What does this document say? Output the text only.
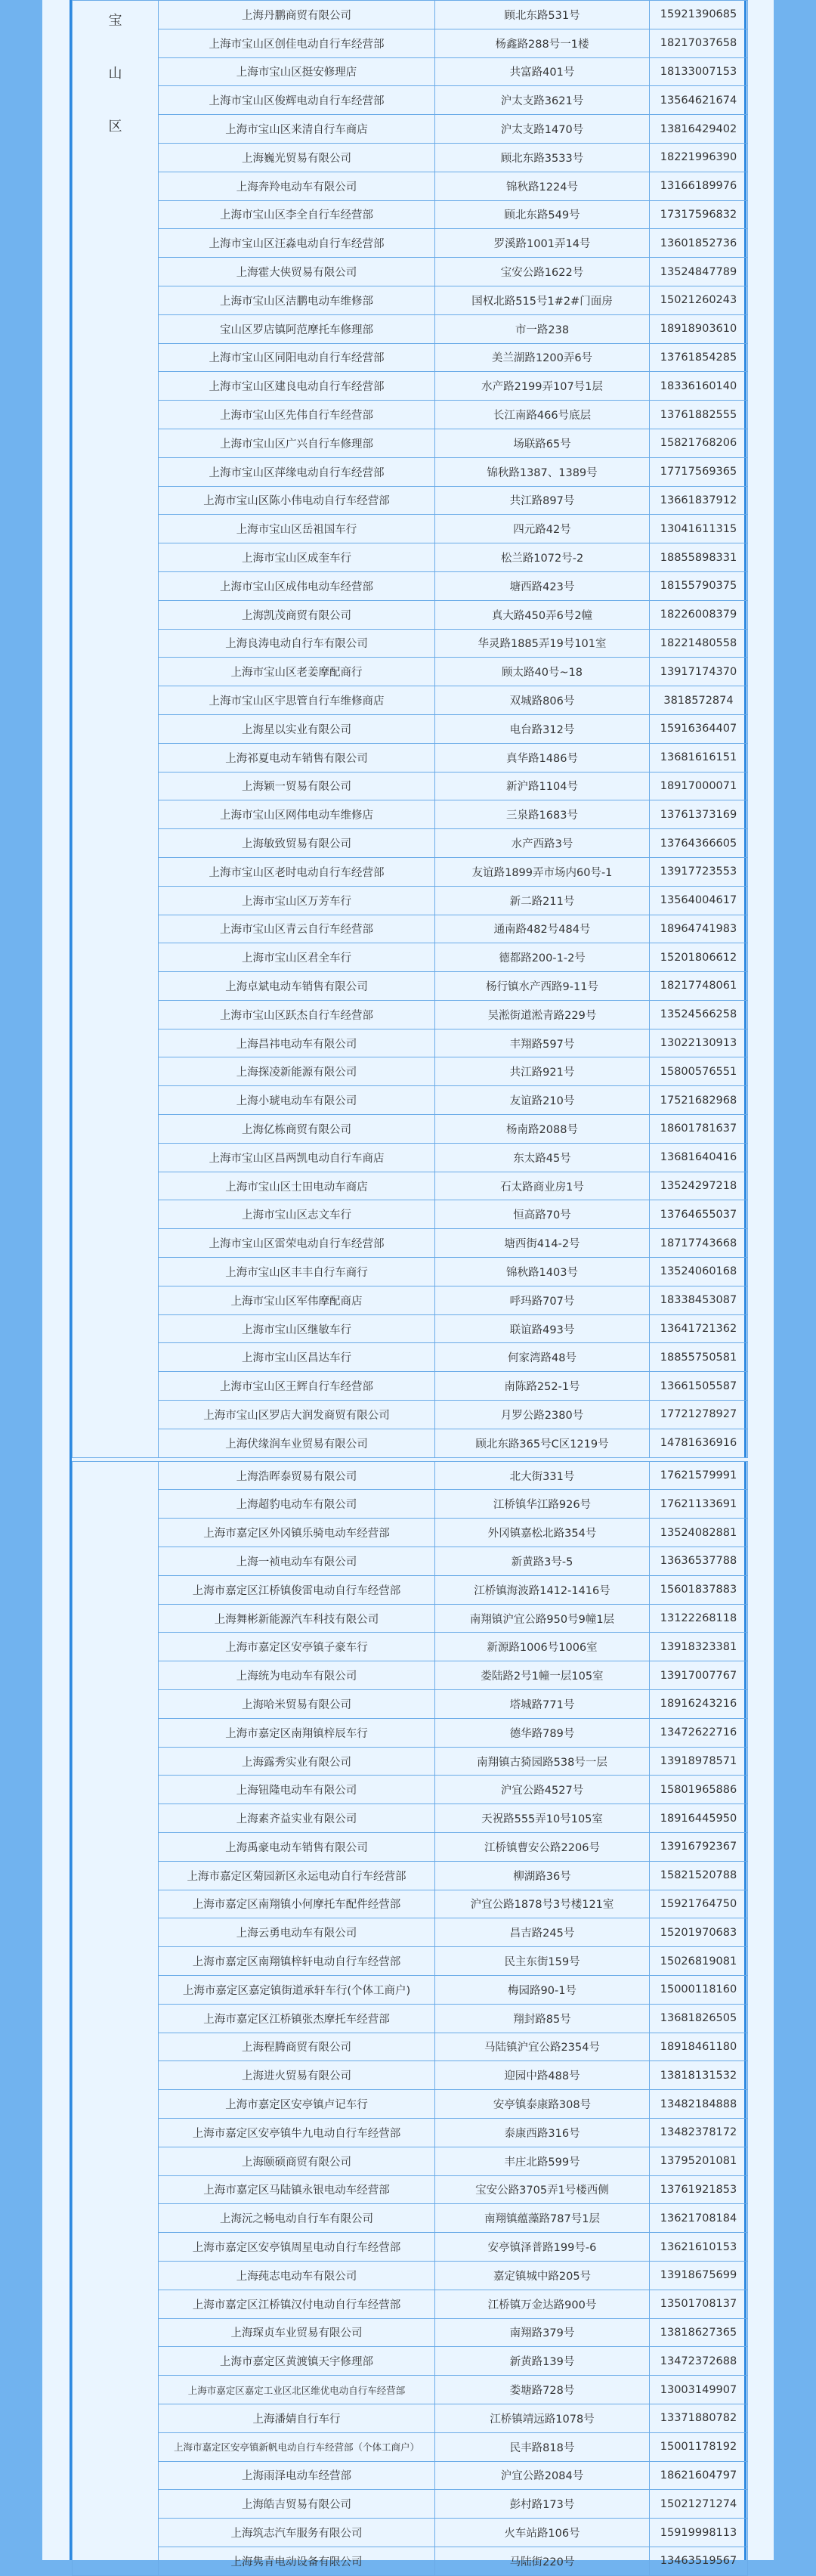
宝
山
区	上海丹鹏商贸有限公司	顾北东路531号	15921390685
	上海市宝山区创佳电动自行车经营部	杨鑫路288号一1楼	18217037658
	上海市宝山区挺安修理店	共富路401号	18133007153
	上海市宝山区俊辉电动自行车经营部	沪太支路3621号	13564621674
	上海市宝山区来清自行车商店	沪太支路1470号	13816429402
	上海巍光贸易有限公司	顾北东路3533号	18221996390
	上海奔羚电动车有限公司	锦秋路1224号	13166189976
	上海市宝山区李全自行车经营部	顾北东路549号	17317596832
	上海市宝山区汪淼电动自行车经营部	罗溪路1001弄14号	13601852736
	上海霍大侠贸易有限公司	宝安公路1622号	13524847789
	上海市宝山区洁鹏电动车维修部	国权北路515号1#2#门面房	15021260243
	宝山区罗店镇阿范摩托车修理部	市一路238	18918903610
	上海市宝山区同阳电动自行车经营部	美兰湖路1200弄6号	13761854285
	上海市宝山区建良电动自行车经营部	水产路2199弄107号1层	18336160140
	上海市宝山区先伟自行车经营部	长江南路466号底层	13761882555
	上海市宝山区广兴自行车修理部	场联路65号	15821768206
	上海市宝山区萍缘电动自行车经营部	锦秋路1387、1389号	17717569365
	上海市宝山区陈小伟电动自行车经营部	共江路897号	13661837912
	上海市宝山区岳祖国车行	四元路42号	13041611315
	上海市宝山区成奎车行	松兰路1072号-2	18855898331
	上海市宝山区成伟电动车经营部	塘西路423号	18155790375
	上海凯茂商贸有限公司	真大路450弄6号2幢	18226008379
	上海良涛电动自行车有限公司	华灵路1885弄19号101室	18221480558
	上海市宝山区老姜摩配商行	顾太路40号~18	13917174370
	上海市宝山区宇思管自行车维修商店	双城路806号	3818572874
	上海星以实业有限公司	电台路312号	15916364407
	上海祁夏电动车销售有限公司	真华路1486号	13681616151
	上海颖一贸易有限公司	新沪路1104号	18917000071
	上海市宝山区网伟电动车维修店	三泉路1683号	13761373169
	上海敏致贸易有限公司	水产西路3号	13764366605
	上海市宝山区老时电动自行车经营部	友谊路1899弄市场内60号-1	13917723553
	上海市宝山区万芳车行	新二路211号	13564004617
	上海市宝山区青云自行车经营部	通南路482号484号	18964741983
	上海市宝山区君全车行	德都路200-1-2号	15201806612
	上海卓斌电动车销售有限公司	杨行镇水产西路9-11号	18217748061
	上海市宝山区跃杰自行车经营部	吴淞街道淞青路229号	13524566258
	上海昌祎电动车有限公司	丰翔路597号	13022130913
	上海探凌新能源有限公司	共江路921号	15800576551
	上海小琥电动车有限公司	友谊路210号	17521682968
	上海亿栋商贸有限公司	杨南路2088号	18601781637
	上海市宝山区昌两凯电动自行车商店	东太路45号	13681640416
	上海市宝山区士田电动车商店	石太路商业房1号	13524297218
	上海市宝山区志文车行	恒高路70号	13764655037
	上海市宝山区雷荣电动自行车经营部	塘西街414-2号	18717743668
	上海市宝山区丰丰自行车商行	锦秋路1403号	13524060168
	上海市宝山区军伟摩配商店	呼玛路707号	18338453087
	上海市宝山区继敏车行	联谊路493号	13641721362
	上海市宝山区昌达车行	何家湾路48号	18855750581
	上海市宝山区王辉自行车经营部	南陈路252-1号	13661505587
	上海市宝山区罗店大润发商贸有限公司	月罗公路2380号	17721278927
	上海伏缘润车业贸易有限公司	顾北东路365号C区1219号	14781636916

	上海浩晖泰贸易有限公司	北大街331号	17621579991
	上海超豹电动车有限公司	江桥镇华江路926号	17621133691
	上海市嘉定区外冈镇乐骑电动车经营部	外冈镇嘉松北路354号	13524082881
	上海一祯电动车有限公司	新黄路3号-5	13636537788
	上海市嘉定区江桥镇俊雷电动自行车经营部	江桥镇海波路1412-1416号	15601837883
	上海舞彬新能源汽车科技有限公司	南翔镇沪宜公路950号9幢1层	13122268118
	上海市嘉定区安亭镇子豪车行	新源路1006号1006室	13918323381
	上海统为电动车有限公司	娄陆路2号1幢一层105室	13917007767
	上海哈米贸易有限公司	塔城路771号	18916243216
	上海市嘉定区南翔镇梓辰车行	德华路789号	13472622716
	上海露秀实业有限公司	南翔镇古猗园路538号一层	13918978571
	上海钮隆电动车有限公司	沪宜公路4527号	15801965886
	上海素齐益实业有限公司	天祝路555弄10号105室	18916445950
	上海禹豪电动车销售有限公司	江桥镇曹安公路2206号	13916792367
	上海市嘉定区菊园新区永运电动自行车经营部	柳湖路36号	15821520788
	上海市嘉定区南翔镇小何摩托车配件经营部	沪宜公路1878号3号楼121室	15921764750
	上海云勇电动车有限公司	昌吉路245号	15201970683
	上海市嘉定区南翔镇梓轩电动自行车经营部	民主东街159号	15026819081
	上海市嘉定区嘉定镇街道承轩车行(个体工商户)	梅园路90-1号	15000118160
	上海市嘉定区江桥镇张杰摩托车经营部	翔封路85号	13681826505
	上海程腾商贸有限公司	马陆镇沪宜公路2354号	18918461180
	上海进火贸易有限公司	迎园中路488号	13818131532
	上海市嘉定区安亭镇卢记车行	安亭镇泰康路308号	13482184888
	上海市嘉定区安亭镇牛九电动自行车经营部	泰康西路316号	13482378172
	上海颐硕商贸有限公司	丰庄北路599号	13795201081
	上海市嘉定区马陆镇永银电动车经营部	宝安公路3705弄1号楼西侧	13761921853
	上海沅之畅电动自行车有限公司	南翔镇蕴藻路787号1层	13621708184
	上海市嘉定区安亭镇周星电动自行车经营部	安亭镇泽普路199号-6	13621610153
	上海莼志电动车有限公司	嘉定镇城中路205号	13918675699
	上海市嘉定区江桥镇汉付电动自行车经营部	江桥镇万金达路900号	13501708137
	上海琛贞车业贸易有限公司	南翔路379号	13818627365
	上海市嘉定区黄渡镇天宇修理部	新黄路139号	13472372688
	上海市嘉定区嘉定工业区北区维优电动自行车经营部	娄塘路728号	13003149907
	上海潘婧自行车行	江桥镇靖远路1078号	13371880782
	上海市嘉定区安亭镇新帆电动自行车经营部（个体工商户）	民丰路818号	15001178192
	上海雨泽电动车经营部	沪宜公路2084号	18621604797
	上海皓吉贸易有限公司	彭村路173号	15021271274
	上海筑志汽车服务有限公司	火车站路106号	15919998113
	上海隽青电动设备有限公司	马陆街220号	13463519567
